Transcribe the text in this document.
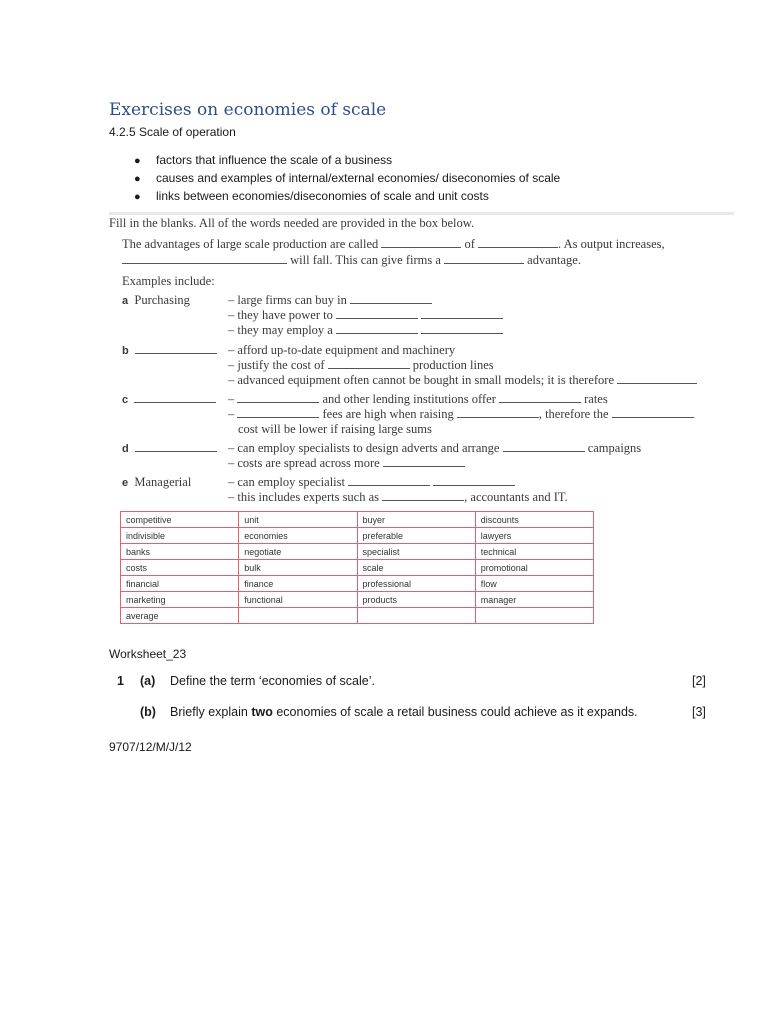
Exercises on economies of scale
4.2.5 Scale of operation
● factors that influence the scale of a business
● causes and examples of internal/external economies/ diseconomies of scale
● links between economies/diseconomies of scale and unit costs
Fill in the blanks. All of the words needed are provided in the box below.
The advantages of large scale production are called	of	. As output increases,
will fall. This can give firms a	advantage.
Examples include:
a Purchasing	– large firms can buy in
– they have power to
– they may employ a
b	– afford up-to-date equipment and machinery
– justify the cost of	production lines
– advanced equipment often cannot be bought in small models; it is therefore
c	–	and other lending institutions offer	rates
–	fees are high when raising	, therefore the
cost will be lower if raising large sums
d	– can employ specialists to design adverts and arrange	campaigns
– costs are spread across more
e Managerial	– can employ specialist
– this includes experts such as	, accountants and IT.
competitive	unit	buyer	discounts
indivisible	economies	preferable	lawyers
banks	negotiate	specialist	technical
costs	bulk	scale	promotional
financial	finance	professional	flow
marketing	functional	products	manager
average			
Worksheet_23
1 (a) Define the term ‘economies of scale’.	[2]
(b) Briefly explain two economies of scale a retail business could achieve as it expands.	[3]
9707/12/M/J/12
